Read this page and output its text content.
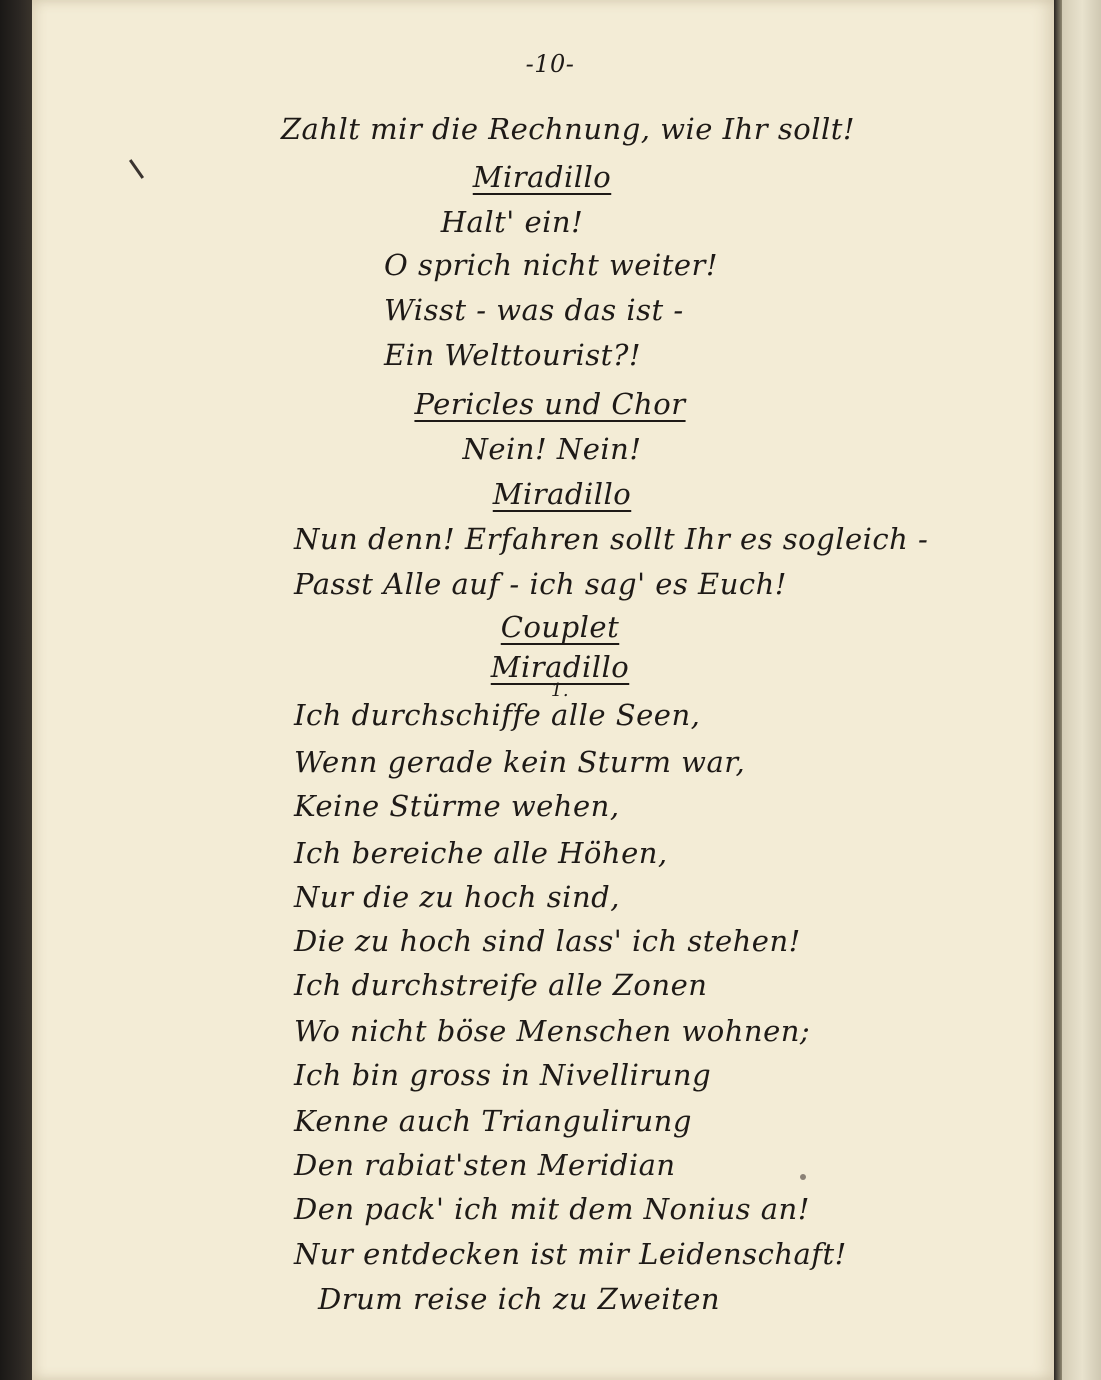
-10-
Zahlt mir die Rechnung, wie Ihr sollt!
Miradillo
Halt' ein!
O sprich nicht weiter!
Wisst - was das ist -
Ein Welttourist?!
Pericles und Chor
Nein! Nein!
Miradillo
Nun denn! Erfahren sollt Ihr es sogleich -
Passt Alle auf - ich sag' es Euch!
Couplet
Miradillo
1.
Ich durchschiffe alle Seen,
Wenn gerade kein Sturm war,
Keine Stürme wehen,
Ich bereiche alle Höhen,
Nur die zu hoch sind,
Die zu hoch sind lass' ich stehen!
Ich durchstreife alle Zonen
Wo nicht böse Menschen wohnen;
Ich bin gross in Nivellirung
Kenne auch Triangulirung
Den rabiat'sten Meridian
Den pack' ich mit dem Nonius an!
Nur entdecken ist mir Leidenschaft!
Drum reise ich zu Zweiten
